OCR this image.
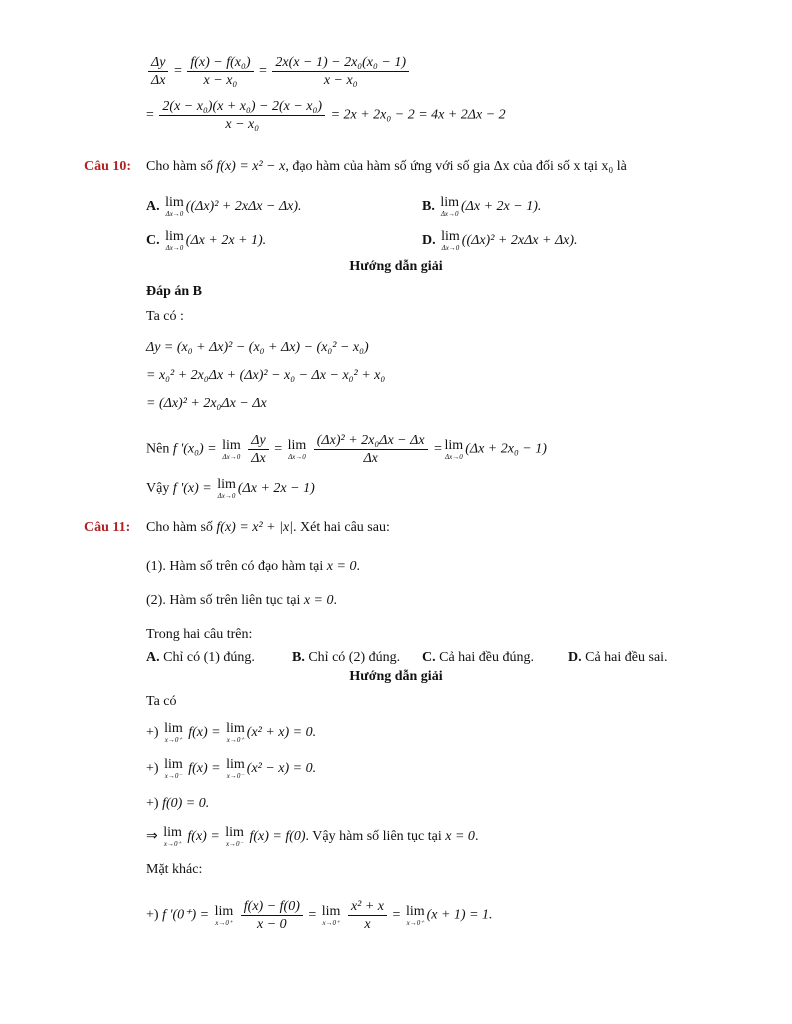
$\frac{\Delta y}{\Delta x} = \frac{\text{f(x) − f(x₀)}}{\text{x − x₀}} = \frac{\text{2x(x − 1) − 2x₀(x₀ − 1)}}{\text{x − x₀}}$
= $\frac{\text{2(x − x₀)(x + x₀) − 2(x − x₀)}}{\text{x − x₀}} = 2x + 2x_0 - 2 = 4x + 2\Delta x - 2$
Câu 10: Cho hàm số f(x) = x² − x, đạo hàm của hàm số ứng với số gia Δx của đối số x tại x₀ là
A. lim
Δx→0 ((Δx)² + 2xΔx − Δx).	B. lim
Δx→0 (Δx + 2x − 1).
C. lim
Δx→0 (Δx + 2x + 1).	D. lim
Δx→0 ((Δx)² + 2xΔx + Δx).
Hướng dẫn giải
Đáp án B
Ta có :
Δy = (x₀ + Δx)² − (x₀ + Δx) − (x₀² − x₀)
= x₀² + 2x₀Δx + (Δx)² − x₀ − Δx − x₀² + x₀
= (Δx)² + 2x₀Δx − Δx
Nên f '(x₀) = lim
Δx→0
$\frac{\Delta y}{\Delta x} = \lim$
Δx→0
$\frac{\text{(Δx)² + 2x₀Δx − Δx}}{\Delta x} = \lim$
Δx→0 (Δx + 2x₀ − 1)
Vậy f '(x) = lim
Δx→0 (Δx + 2x − 1)
Câu 11: Cho hàm số f(x) = x² + |x|. Xét hai câu sau:
(1). Hàm số trên có đạo hàm tại x = 0.
(2). Hàm số trên liên tục tại x = 0.
Trong hai câu trên:
A. Chỉ có (1) đúng.	B. Chỉ có (2) đúng. C. Cả hai đều đúng. D. Cả hai đều sai.
Hướng dẫn giải
Ta có
+) lim
x→0⁺ f(x) = lim
x→0⁺ (x² + x) = 0.
+) lim
x→0⁻ f(x) = lim
x→0⁻ (x² − x) = 0.
+) f(0) = 0.
⇒ lim
x→0⁺ f(x) = lim
x→0⁻ f(x) = f(0). Vậy hàm số liên tục tại x = 0.
Mặt khác:
+) f '(0⁺) = lim
x→0⁺
$\frac{f(x) - f(0)}{x - 0} = \lim$
x→0⁺
$\frac{\text{x² + x}}{x} = \lim$
x→0⁺ (x + 1) = 1.
